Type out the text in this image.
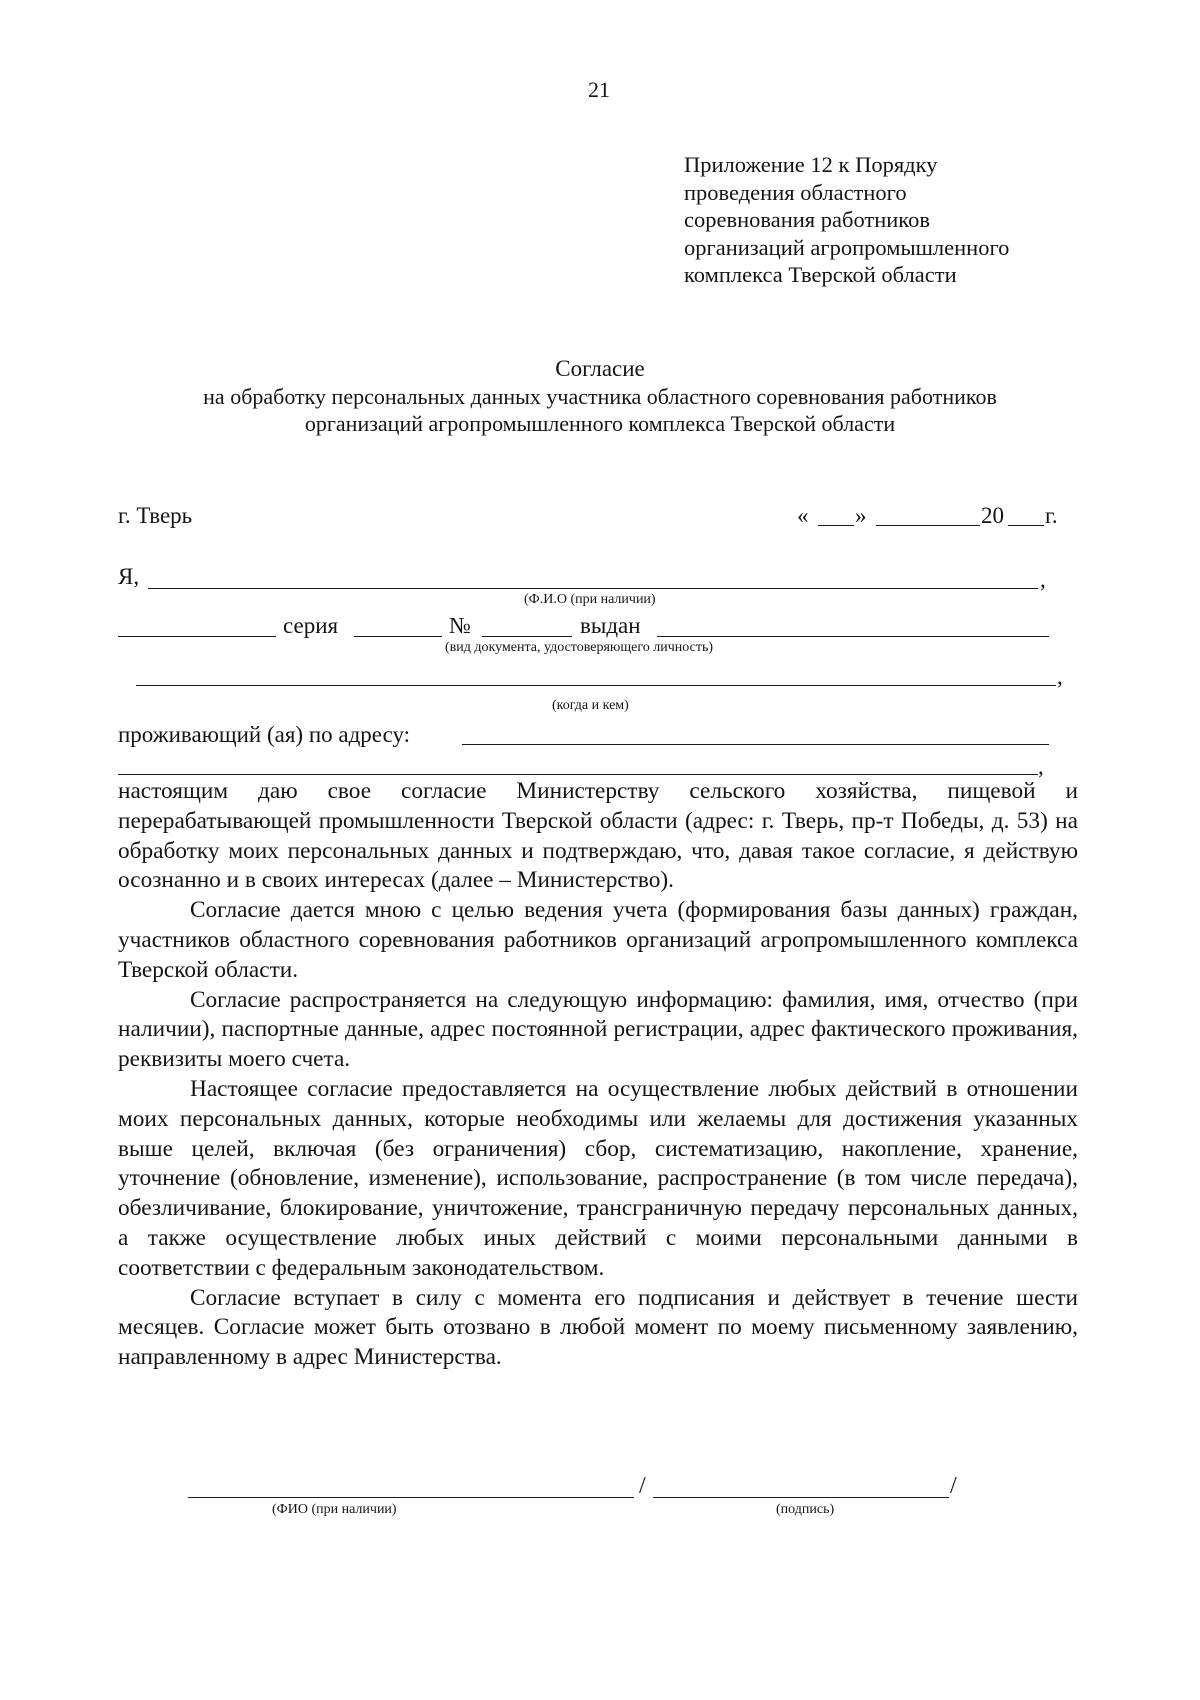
21
Приложение 12 к Порядку
проведения областного
соревнования работников
организаций агропромышленного
комплекса Тверской области
Согласие
на обработку персональных данных участника областного соревнования работников
организаций агропромышленного комплекса Тверской области
г. Тверь	« »	20 г.
Я,	,
(Ф.И.О (при наличии)
серия	№	выдан
(вид документа, удостоверяющего личность)
,
(когда и кем)
проживающий (ая) по адресу:
,

настоящим даю свое согласие Министерству сельского хозяйства, пищевой и перерабатывающей промышленности Тверской области (адрес: г. Тверь, пр-т Победы, д. 53) на обработку моих персональных данных и подтверждаю, что, давая такое согласие, я действую осознанно и в своих интересах (далее – Министерство).

Согласие дается мною с целью ведения учета (формирования базы данных) граждан, участников областного соревнования работников организаций агропромышленного комплекса Тверской области.

Согласие распространяется на следующую информацию: фамилия, имя, отчество (при наличии), паспортные данные, адрес постоянной регистрации, адрес фактического проживания, реквизиты моего счета.

Настоящее согласие предоставляется на осуществление любых действий в отношении моих персональных данных, которые необходимы или желаемы для достижения указанных выше целей, включая (без ограничения) сбор, систематизацию, накопление, хранение, уточнение (обновление, изменение), использование, распространение (в том числе передача), обезличивание, блокирование, уничтожение, трансграничную передачу персональных данных, а также осуществление любых иных действий с моими персональными данными в соответствии с федеральным законодательством.

Согласие вступает в силу с момента его подписания и действует в течение шести месяцев. Согласие может быть отозвано в любой момент по моему письменному заявлению, направленному в адрес Министерства.

/	/
(ФИО (при наличии)	(подпись)
